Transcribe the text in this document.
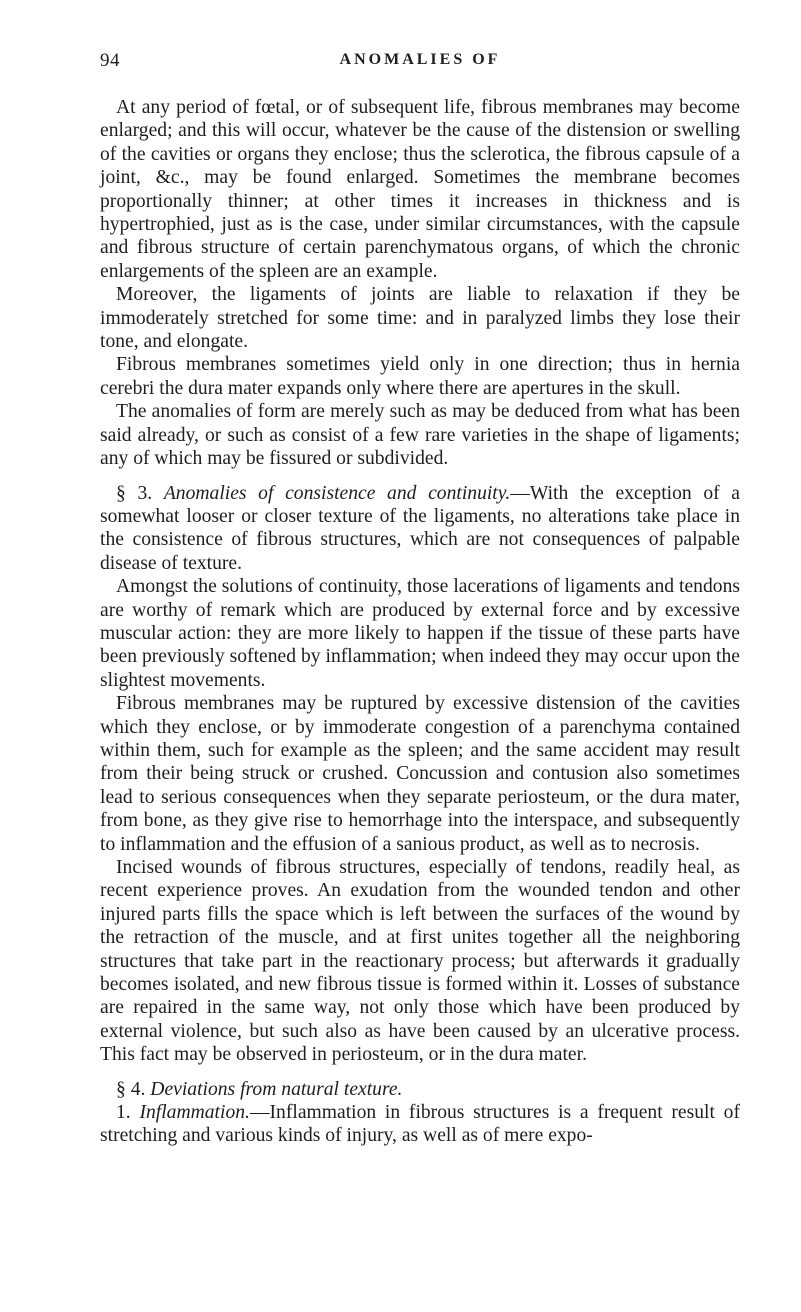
94	ANOMALIES OF

At any period of fœtal, or of subsequent life, fibrous membranes may become enlarged; and this will occur, whatever be the cause of the distension or swelling of the cavities or organs they enclose; thus the sclerotica, the fibrous capsule of a joint, &c., may be found enlarged. Sometimes the membrane becomes proportionally thinner; at other times it increases in thickness and is hypertrophied, just as is the case, under similar circumstances, with the capsule and fibrous structure of certain parenchymatous organs, of which the chronic enlargements of the spleen are an example.

Moreover, the ligaments of joints are liable to relaxation if they be immoderately stretched for some time: and in paralyzed limbs they lose their tone, and elongate.

Fibrous membranes sometimes yield only in one direction; thus in hernia cerebri the dura mater expands only where there are apertures in the skull.

The anomalies of form are merely such as may be deduced from what has been said already, or such as consist of a few rare varieties in the shape of ligaments; any of which may be fissured or subdivided.

§ 3. Anomalies of consistence and continuity.—With the exception of a somewhat looser or closer texture of the ligaments, no alterations take place in the consistence of fibrous structures, which are not consequences of palpable disease of texture.

Amongst the solutions of continuity, those lacerations of ligaments and tendons are worthy of remark which are produced by external force and by excessive muscular action: they are more likely to happen if the tissue of these parts have been previously softened by inflammation; when indeed they may occur upon the slightest movements.

Fibrous membranes may be ruptured by excessive distension of the cavities which they enclose, or by immoderate congestion of a parenchyma contained within them, such for example as the spleen; and the same accident may result from their being struck or crushed. Concussion and contusion also sometimes lead to serious consequences when they separate periosteum, or the dura mater, from bone, as they give rise to hemorrhage into the interspace, and subsequently to inflammation and the effusion of a sanious product, as well as to necrosis.

Incised wounds of fibrous structures, especially of tendons, readily heal, as recent experience proves. An exudation from the wounded tendon and other injured parts fills the space which is left between the surfaces of the wound by the retraction of the muscle, and at first unites together all the neighboring structures that take part in the reactionary process; but afterwards it gradually becomes isolated, and new fibrous tissue is formed within it. Losses of substance are repaired in the same way, not only those which have been produced by external violence, but such also as have been caused by an ulcerative process. This fact may be observed in periosteum, or in the dura mater.

§ 4. Deviations from natural texture.

1. Inflammation.—Inflammation in fibrous structures is a frequent result of stretching and various kinds of injury, as well as of mere expo-
